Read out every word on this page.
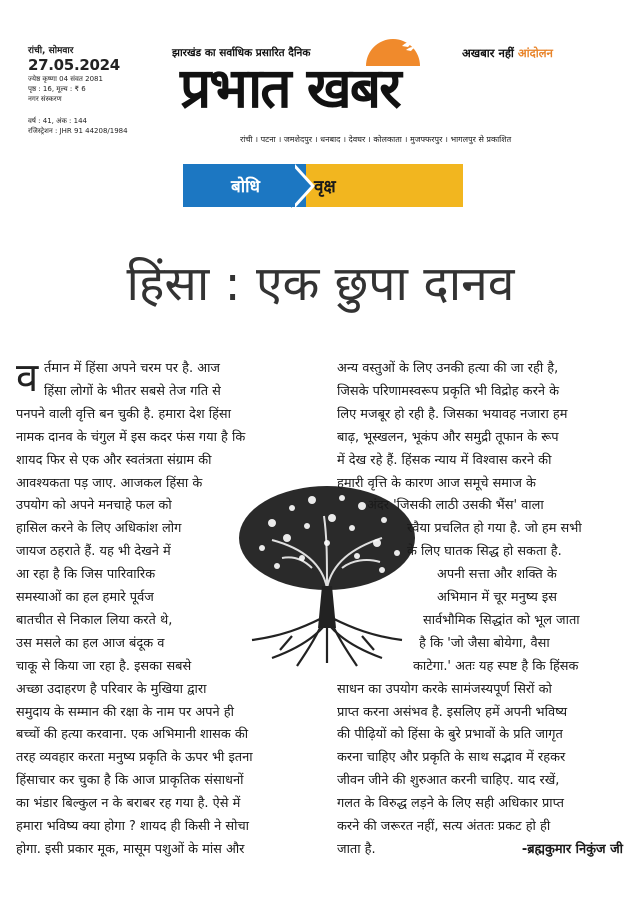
रांची, सोमवार
27.05.2024
ज्येष्ठ कृष्णा 04 संवत 2081
पृष्ठ : 16, मूल्य : ₹ 6
नगर संस्करण
वर्ष : 41, अंक : 144
रजिस्ट्रेशन : JHR 91 44208/1984
झारखंड का सर्वाधिक प्रसारित दैनिक
प्रभात खबर
अखबार नहीं आंदोलन
रांची । पटना । जमशेदपुर । धनबाद । देवघर । कोलकाता । मुजफ्फरपुर । भागलपुर से प्रकाशित
बोधि	वृक्ष
हिंसा : एक छुपा दानव
व र्तमान में हिंसा अपने चरम पर है. आज

हिंसा लोगों के भीतर सबसे तेज गति से

पनपने वाली वृत्ति बन चुकी है. हमारा देश हिंसा

नामक दानव के चंगुल में इस कदर फंस गया है कि

शायद फिर से एक और स्वतंत्रता संग्राम की

आवश्यकता पड़ जाए. आजकल हिंसा के

उपयोग को अपने मनचाहे फल को

हासिल करने के लिए अधिकांश लोग

जायज ठहराते हैं. यह भी देखने में

आ रहा है कि जिस पारिवारिक

समस्याओं का हल हमारे पूर्वज

बातचीत से निकाल लिया करते थे,

उस मसले का हल आज बंदूक व

चाकू से किया जा रहा है. इसका सबसे

अच्छा उदाहरण है परिवार के मुखिया द्वारा

समुदाय के सम्मान की रक्षा के नाम पर अपने ही

बच्चों की हत्या करवाना. एक अभिमानी शासक की

तरह व्यवहार करता मनुष्य प्रकृति के ऊपर भी इतना

हिंसाचार कर चुका है कि आज प्राकृतिक संसाधनों

का भंडार बिल्कुल न के बराबर रह गया है. ऐसे में

हमारा भविष्य क्या होगा ? शायद ही किसी ने सोचा

होगा. इसी प्रकार मूक, मासूम पशुओं के मांस और

अन्य वस्तुओं के लिए उनकी हत्या की जा रही है,

जिसके परिणामस्वरूप प्रकृति भी विद्रोह करने के

लिए मजबूर हो रही है. जिसका भयावह नजारा हम

बाढ़, भूस्खलन, भूकंप और समुद्री तूफान के रूप

में देख रहे हैं. हिंसक न्याय में विश्वास करने की

हमारी वृत्ति के कारण आज समूचे समाज के

अंदर 'जिसकी लाठी उसकी भैंस' वाला

रवैया प्रचलित हो गया है. जो हम सभी

के लिए घातक सिद्ध हो सकता है.

अपनी सत्ता और शक्ति के

अभिमान में चूर मनुष्य इस

सार्वभौमिक सिद्धांत को भूल जाता

है कि 'जो जैसा बोयेगा, वैसा

काटेगा.' अतः यह स्पष्ट है कि हिंसक

साधन का उपयोग करके सामंजस्यपूर्ण सिरों को

प्राप्त करना असंभव है. इसलिए हमें अपनी भविष्य

की पीढ़ियों को हिंसा के बुरे प्रभावों के प्रति जागृत

करना चाहिए और प्रकृति के साथ सद्भाव में रहकर

जीवन जीने की शुरुआत करनी चाहिए. याद रखें,

गलत के विरुद्ध लड़ने के लिए सही अधिकार प्राप्त

करने की जरूरत नहीं, सत्य अंततः प्रकट हो ही

जाता है.	-ब्रह्मकुमार निकुंज जी
